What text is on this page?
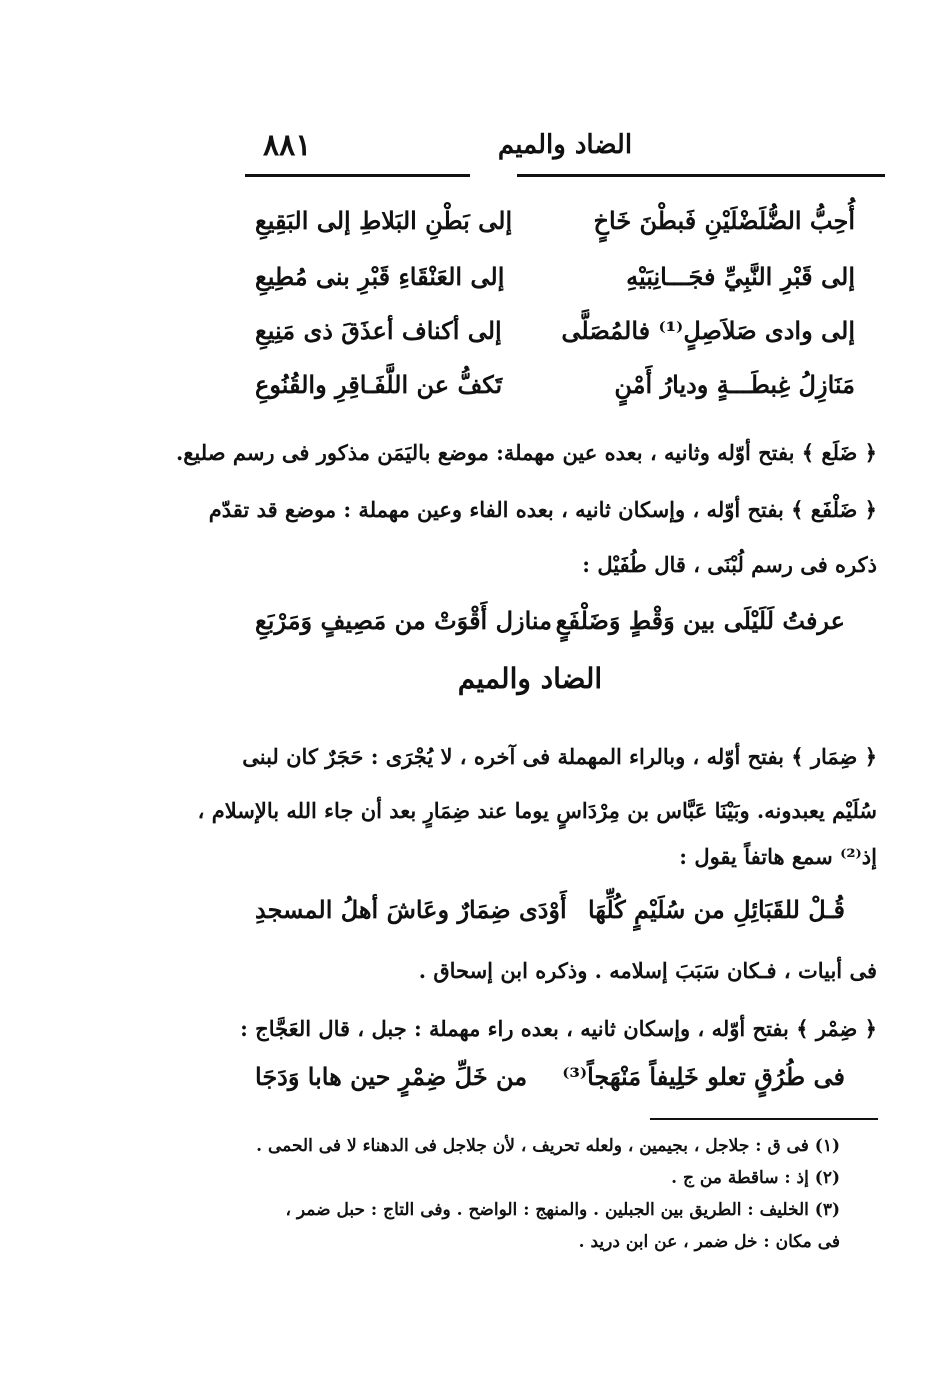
٨٨١	الضاد والميم
أُحِبُّ الضُّلَضْلَيْنِ فَبطْنَ خَاخٍ
إلى بَطْنِ البَلاطِ إلى البَقِيعِ
إلى قَبْرِ النَّبِيِّ فجَـــانِبَيْهِ
إلى العَنْقَاءِ قَبْرِ بنى مُطِيعِ
إلى وادى صَلاَصِلٍ⁽¹⁾ فالمُصَلَّى
إلى أكناف أعذَقَ ذى مَنِيعِ
مَنَازِلُ غِبطَـــةٍ وديارُ أَمْنٍ
تَكفُّ عن اللَّفَـاقِرِ والقُنُوعِ
﴿ ضَلَع ﴾ بفتح أوّله وثانيه ، بعده عين مهملة: موضع باليَمَن مذكور فى رسم صليع.
﴿ ضَلْفَع ﴾ بفتح أوّله ، وإسكان ثانيه ، بعده الفاء وعين مهملة : موضع قد تقدّم
ذكره فى رسم لُبْنَى ، قال طُفَيْل :
عرفتُ لَلَيْلَى بين وَقْطٍ وَضَلْفَعٍ
منازل أَقْوَتْ من مَصِيفٍ وَمَرْبَعِ
الضاد والميم
﴿ ضِمَار ﴾ بفتح أوّله ، وبالراء المهملة فى آخره ، لا يُجْرَى : حَجَرٌ كان لبنى
سُلَيْم يعبدونه. وبَيْنَا عَبَّاس بن مِرْدَاسٍ يوما عند ضِمَارٍ بعد أن جاء الله بالإسلام ،
إذ⁽²⁾ سمع هاتفاً يقول :
قُـلْ للقَبَائِلِ من سُلَيْمٍ كُلِّهَا
أَوْدَى ضِمَارٌ وعَاشَ أهلُ المسجدِ
فى أبيات ، فـكان سَبَبَ إسلامه . وذكره ابن إسحاق .
﴿ ضِمْر ﴾ بفتح أوّله ، وإسكان ثانيه ، بعده راء مهملة : جبل ، قال العَجَّاج :
فى طُرُقٍ تعلو خَلِيفاً مَنْهَجاً⁽³⁾
من خَلِّ ضِمْرٍ حين هابا وَدَجَا
(١) فى ق : جلاجل ، بجيمين ، ولعله تحريف ، لأن جلاجل فى الدهناء لا فى الحمى .
(٢) إذ : ساقطة من ج .
(٣) الخليف : الطريق بين الجبلين . والمنهج : الواضح . وفى التاج : حبل ضمر ،
فى مكان : خل ضمر ، عن ابن دريد .
